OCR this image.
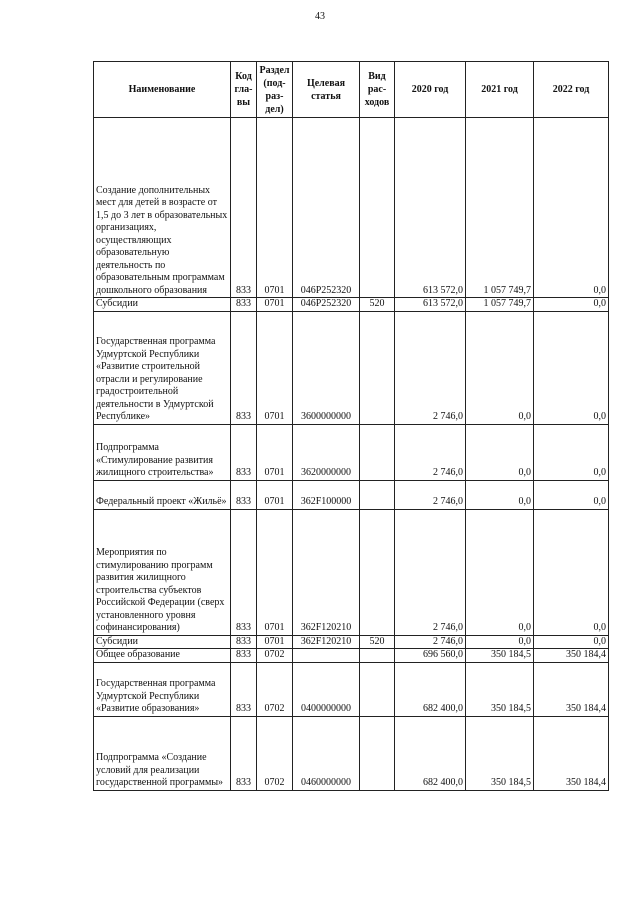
43
Наименование	Код гла-вы	Раздел (под-раз-дел)	Целевая статья	Вид рас-ходов	2020 год	2021 год	2022 год
Создание дополнительных мест для детей в возрасте от 1,5 до 3 лет в образовательных организациях, осуществляющих образовательную деятельность по образовательным программам дошкольного образования	833	0701	046P252320		613 572,0	1 057 749,7	0,0
Субсидии	833	0701	046P252320	520	613 572,0	1 057 749,7	0,0
Государственная программа Удмуртской Республики «Развитие строительной отрасли и регулирование градостроительной деятельности в Удмуртской Республике»	833	0701	3600000000		2 746,0	0,0	0,0
Подпрограмма «Стимулирование развития жилищного строительства»	833	0701	3620000000		2 746,0	0,0	0,0
Федеральный проект «Жильё»	833	0701	362F100000		2 746,0	0,0	0,0
Мероприятия по стимулированию программ развития жилищного строительства субъектов Российской Федерации (сверх установленного уровня софинансирования)	833	0701	362F120210		2 746,0	0,0	0,0
Субсидии	833	0701	362F120210	520	2 746,0	0,0	0,0
Общее образование	833	0702			696 560,0	350 184,5	350 184,4
Государственная программа Удмуртской Республики «Развитие образования»	833	0702	0400000000		682 400,0	350 184,5	350 184,4
Подпрограмма «Создание условий для реализации государственной программы»	833	0702	0460000000		682 400,0	350 184,5	350 184,4
